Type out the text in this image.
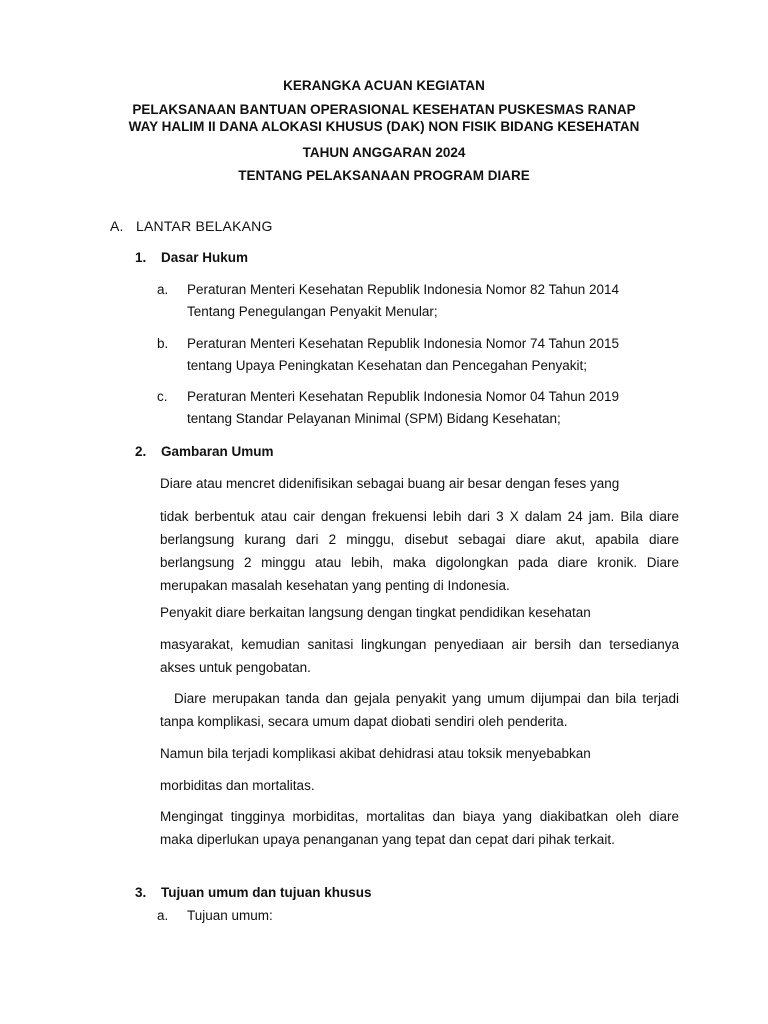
KERANGKA ACUAN KEGIATAN
PELAKSANAAN BANTUAN OPERASIONAL KESEHATAN PUSKESMAS RANAP
WAY HALIM II DANA ALOKASI KHUSUS (DAK) NON FISIK BIDANG KESEHATAN
TAHUN ANGGARAN 2024
TENTANG PELAKSANAAN PROGRAM DIARE
A. LANTAR BELAKANG
1. Dasar Hukum
a. Peraturan Menteri Kesehatan Republik Indonesia Nomor 82 Tahun 2014
Tentang Penegulangan Penyakit Menular;
b. Peraturan Menteri Kesehatan Republik Indonesia Nomor 74 Tahun 2015
tentang Upaya Peningkatan Kesehatan dan Pencegahan Penyakit;
c. Peraturan Menteri Kesehatan Republik Indonesia Nomor 04 Tahun 2019
tentang Standar Pelayanan Minimal (SPM) Bidang Kesehatan;
2. Gambaran Umum
Diare atau mencret didenifisikan sebagai buang air besar dengan feses yang
tidak berbentuk atau cair dengan frekuensi lebih dari 3 X dalam 24 jam. Bila diare berlangsung kurang dari 2 minggu, disebut sebagai diare akut, apabila diare berlangsung 2 minggu atau lebih, maka digolongkan pada diare kronik. Diare merupakan masalah kesehatan yang penting di Indonesia.
Penyakit diare berkaitan langsung dengan tingkat pendidikan kesehatan
masyarakat, kemudian sanitasi lingkungan penyediaan air bersih dan tersedianya akses untuk pengobatan.
Diare merupakan tanda dan gejala penyakit yang umum dijumpai dan bila terjadi tanpa komplikasi, secara umum dapat diobati sendiri oleh penderita.
Namun bila terjadi komplikasi akibat dehidrasi atau toksik menyebabkan
morbiditas dan mortalitas.
Mengingat tingginya morbiditas, mortalitas dan biaya yang diakibatkan oleh diare maka diperlukan upaya penanganan yang tepat dan cepat dari pihak terkait.
3. Tujuan umum dan tujuan khusus
a. Tujuan umum:
